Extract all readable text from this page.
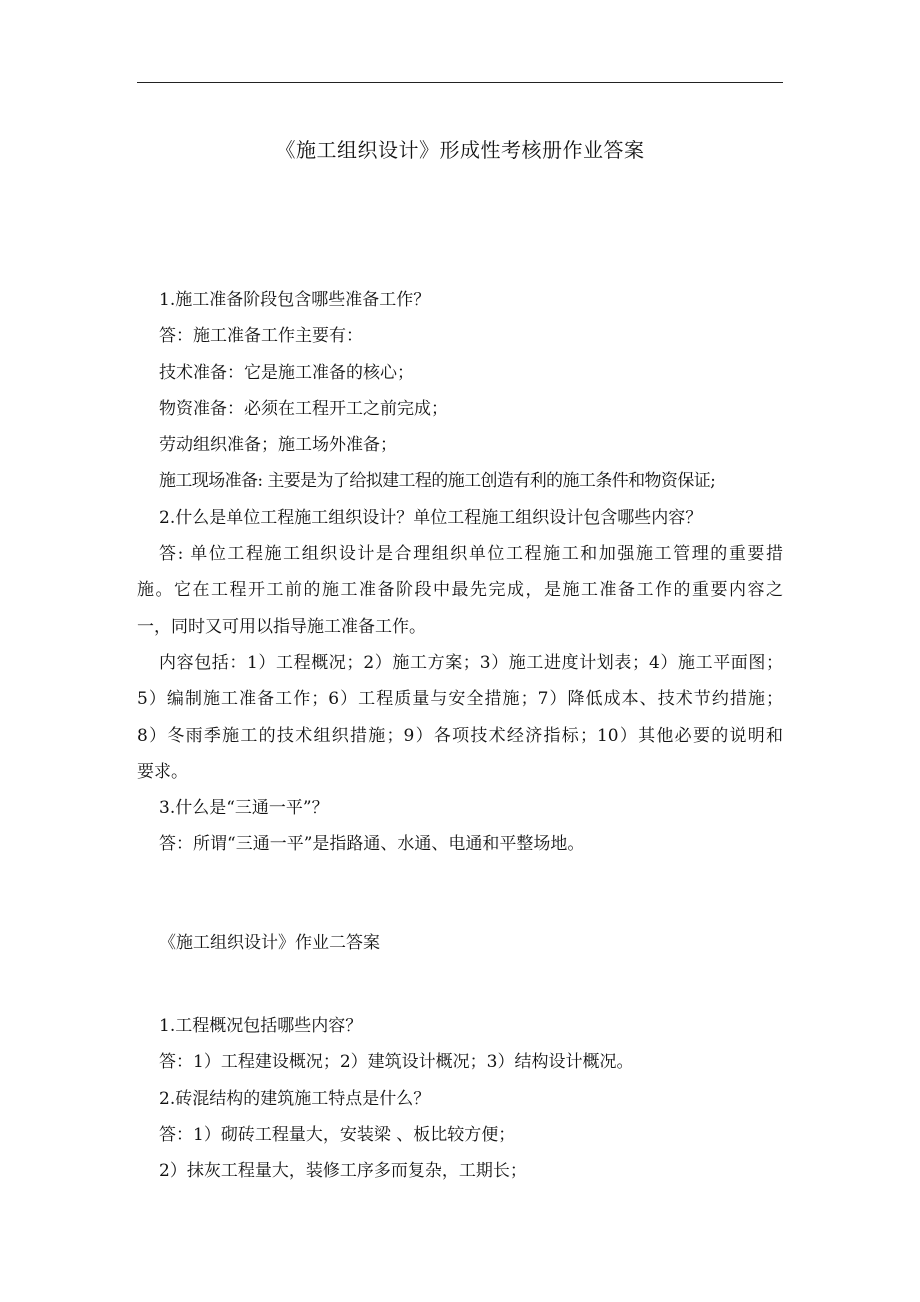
《施工组织设计》形成性考核册作业答案
1.施工准备阶段包含哪些准备工作？
答：施工准备工作主要有：
技术准备：它是施工准备的核心；
物资准备：必须在工程开工之前完成；
劳动组织准备；施工场外准备；
施工现场准备: 主要是为了给拟建工程的施工创造有利的施工条件和物资保证;
2.什么是单位工程施工组织设计？单位工程施工组织设计包含哪些内容？
答: 单位工程施工组织设计是合理组织单位工程施工和加强施工管理的重要措
施。它在工程开工前的施工准备阶段中最先完成，是施工准备工作的重要内容之
一，同时又可用以指导施工准备工作。
内容包括：1）工程概况；2）施工方案；3）施工进度计划表；4）施工平面图；
5）编制施工准备工作；6）工程质量与安全措施；7）降低成本、技术节约措施；
8）冬雨季施工的技术组织措施；9）各项技术经济指标；10）其他必要的说明和
要求。
3.什么是“三通一平”？
答：所谓“三通一平”是指路通、水通、电通和平整场地。
《施工组织设计》作业二答案
1.工程概况包括哪些内容？
答：1）工程建设概况；2）建筑设计概况；3）结构设计概况。
2.砖混结构的建筑施工特点是什么？
答：1）砌砖工程量大，安装梁 、板比较方便；
2）抹灰工程量大，装修工序多而复杂，工期长；
